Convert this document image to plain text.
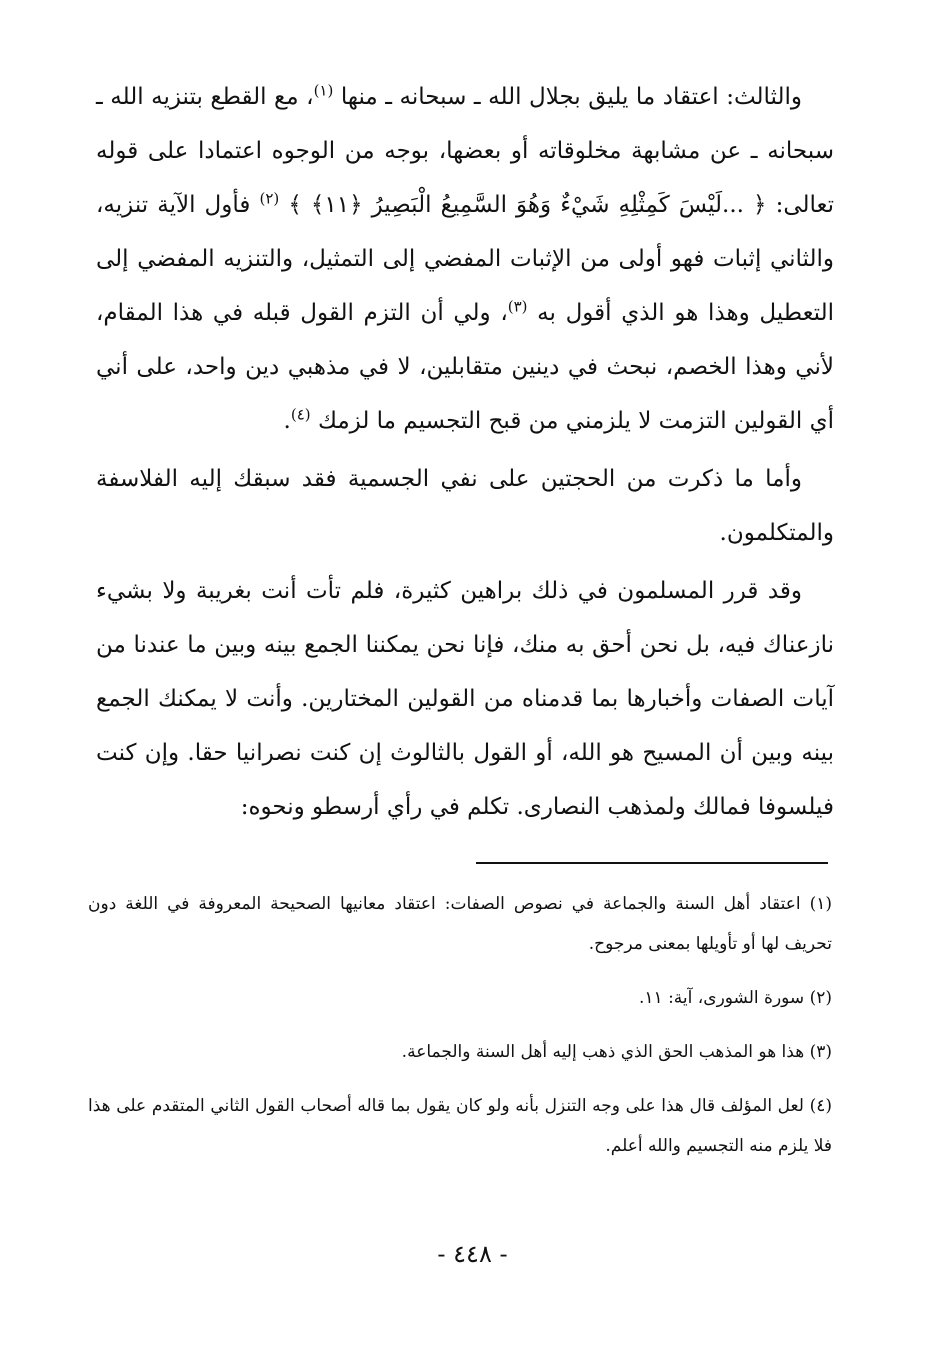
والثالث: اعتقاد ما يليق بجلال الله ـ سبحانه ـ منها $^{(١)}$، مع القطع بتنزيه الله ـ سبحانه ـ عن مشابهة مخلوقاته أو بعضها، بوجه من الوجوه اعتمادا على قوله تعالى: ﴿ ...لَيْسَ كَمِثْلِهِ شَيْءٌ وَهُوَ السَّمِيعُ الْبَصِيرُ ﴿١١﴾ ﴾ $^{(٢)}$ فأول الآية تنزيه، والثاني إثبات فهو أولى من الإثبات المفضي إلى التمثيل، والتنزيه المفضي إلى التعطيل وهذا هو الذي أقول به $^{(٣)}$، ولي أن التزم القول قبله في هذا المقام، لأني وهذا الخصم، نبحث في دينين متقابلين، لا في مذهبي دين واحد، على أني أي القولين التزمت لا يلزمني من قبح التجسيم ما لزمك $^{(٤)}$.

وأما ما ذكرت من الحجتين على نفي الجسمية فقد سبقك إليه الفلاسفة والمتكلمون.

وقد قرر المسلمون في ذلك براهين كثيرة، فلم تأت أنت بغريبة ولا بشيء نازعناك فيه، بل نحن أحق به منك، فإنا نحن يمكننا الجمع بينه وبين ما عندنا من آيات الصفات وأخبارها بما قدمناه من القولين المختارين. وأنت لا يمكنك الجمع بينه وبين أن المسيح هو الله، أو القول بالثالوث إن كنت نصرانيا حقا. وإن كنت فيلسوفا فمالك ولمذهب النصارى. تكلم في رأي أرسطو ونحوه:

(١) اعتقاد أهل السنة والجماعة في نصوص الصفات: اعتقاد معانيها الصحيحة المعروفة في اللغة دون تحريف لها أو تأويلها بمعنى مرجوح.

(٢) سورة الشورى، آية: ١١.

(٣) هذا هو المذهب الحق الذي ذهب إليه أهل السنة والجماعة.

(٤) لعل المؤلف قال هذا على وجه التنزل بأنه ولو كان يقول بما قاله أصحاب القول الثاني المتقدم على هذا فلا يلزم منه التجسيم والله أعلم.

- ٤٤٨ -
